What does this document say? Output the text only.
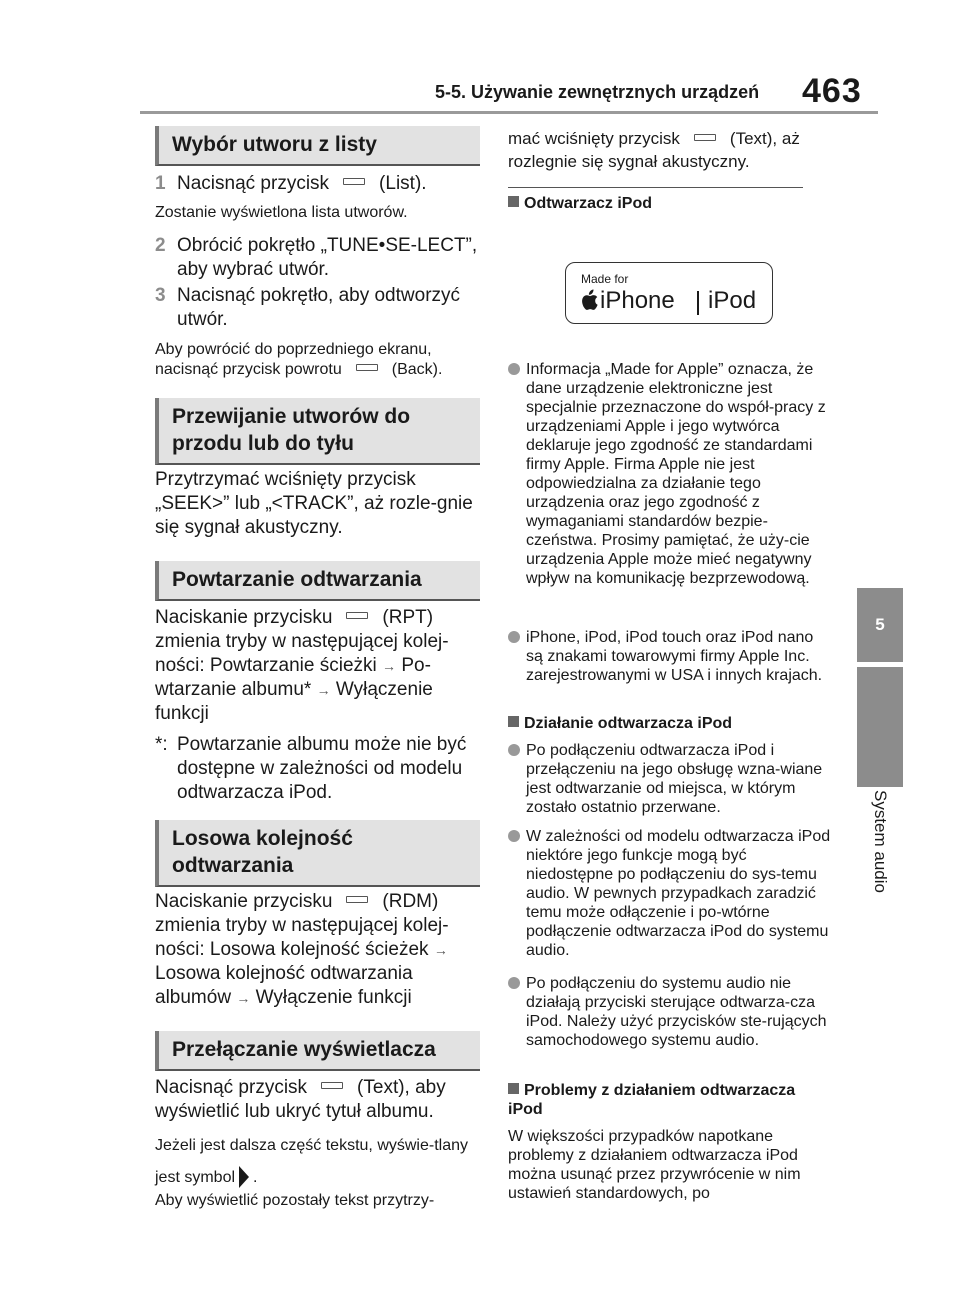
5-5. Używanie zewnętrznych urządzeń 463
5
System audio
Wybór utworu z listy
1 Nacisnąć przycisk	(List).
Zostanie wyświetlona lista utworów.
2 Obrócić pokrętło „TUNE•SE-LECT”, aby wybrać utwór.
3 Nacisnąć pokrętło, aby odtworzyć utwór.
Aby powrócić do poprzedniego ekranu, nacisnąć przycisk powrotu	(Back).
Przewijanie utworów do przodu lub do tyłu
Przytrzymać wciśnięty przycisk „SEEK>” lub „<TRACK”, aż rozle-gnie się sygnał akustyczny.
Powtarzanie odtwarzania
Naciskanie przycisku	(RPT) zmienia tryby w następującej kolej-ności: Powtarzanie ścieżki → Po-wtarzanie albumu* → Wyłączenie funkcji
*: Powtarzanie albumu może nie być dostępne w zależności od modelu odtwarzacza iPod.
Losowa kolejność odtwarzania
Naciskanie przycisku	(RDM) zmienia tryby w następującej kolej-ności: Losowa kolejność ścieżek → Losowa kolejność odtwarzania albumów → Wyłączenie funkcji
Przełączanie wyświetlacza
Nacisnąć przycisk	(Text), aby wyświetlić lub ukryć tytuł albumu.
Jeżeli jest dalsza część tekstu, wyświe-tlany jest symbol .
Aby wyświetlić pozostały tekst przytrzy-
mać wciśnięty przycisk	(Text), aż rozlegnie się sygnał akustyczny.
Odtwarzacz iPod
Made for
iPhone iPod
Informacja „Made for Apple” oznacza, że dane urządzenie elektroniczne jest specjalnie przeznaczone do współ-pracy z urządzeniami Apple i jego wytwórca deklaruje jego zgodność ze standardami firmy Apple. Firma Apple nie jest odpowiedzialna za działanie tego urządzenia oraz jego zgodność z wymaganiami standardów bezpie-czeństwa. Prosimy pamiętać, że uży-cie urządzenia Apple może mieć negatywny wpływ na komunikację bezprzewodową.
iPhone, iPod, iPod touch oraz iPod nano są znakami towarowymi firmy Apple Inc. zarejestrowanymi w USA i innych krajach.
Działanie odtwarzacza iPod
Po podłączeniu odtwarzacza iPod i przełączeniu na jego obsługę wzna-wiane jest odtwarzanie od miejsca, w którym zostało ostatnio przerwane.
W zależności od modelu odtwarzacza iPod niektóre jego funkcje mogą być niedostępne po podłączeniu do sys-temu audio. W pewnych przypadkach zaradzić temu może odłączenie i po-wtórne podłączenie odtwarzacza iPod do systemu audio.
Po podłączeniu do systemu audio nie działają przyciski sterujące odtwarza-cza iPod. Należy użyć przycisków ste-rujących samochodowego systemu audio.
Problemy z działaniem odtwarzacza iPod
W większości przypadków napotkane problemy z działaniem odtwarzacza iPod można usunąć przez przywrócenie w nim ustawień standardowych, po
